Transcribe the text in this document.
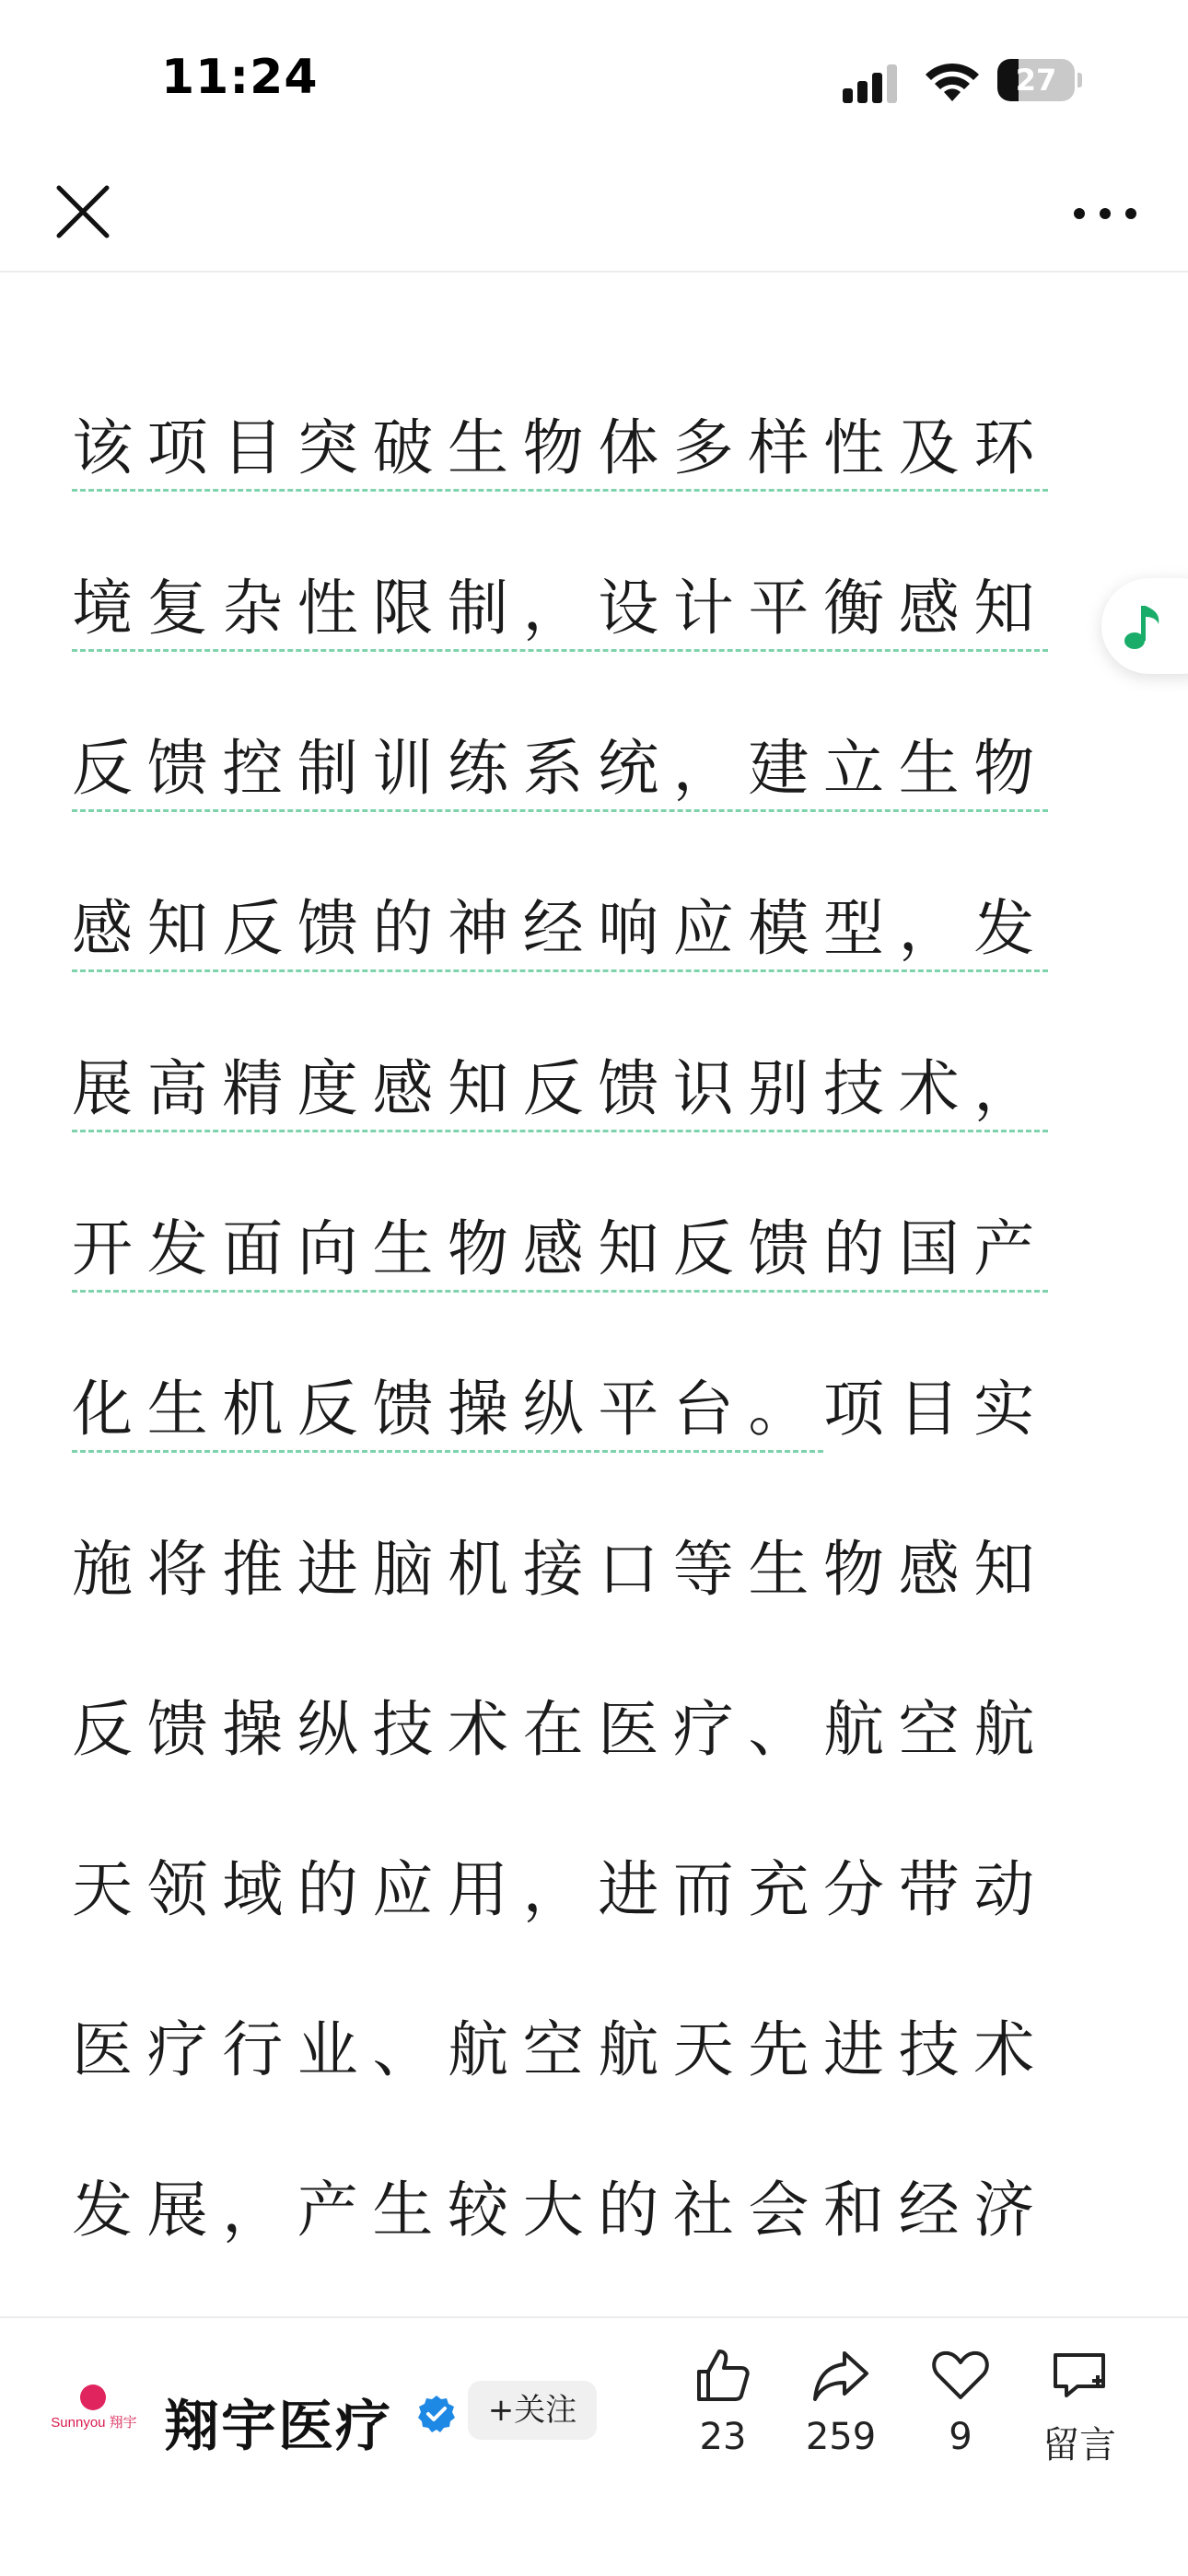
11:24	27

该项目突破生物体多样性及环境复杂性限制，设计平衡感知反馈控制训练系统，建立生物感知反馈的神经响应模型，发展高精度感知反馈识别技术，开发面向生物感知反馈的国产化生机反馈操纵平台。项目实施将推进脑机接口等生物感知反馈操纵技术在医疗、航空航天领域的应用，进而充分带动医疗行业、航空航天先进技术发展，产生较大的社会和经济

Sunnyou 翔宇 翔宇医疗	+关注
23	259	9	留言
